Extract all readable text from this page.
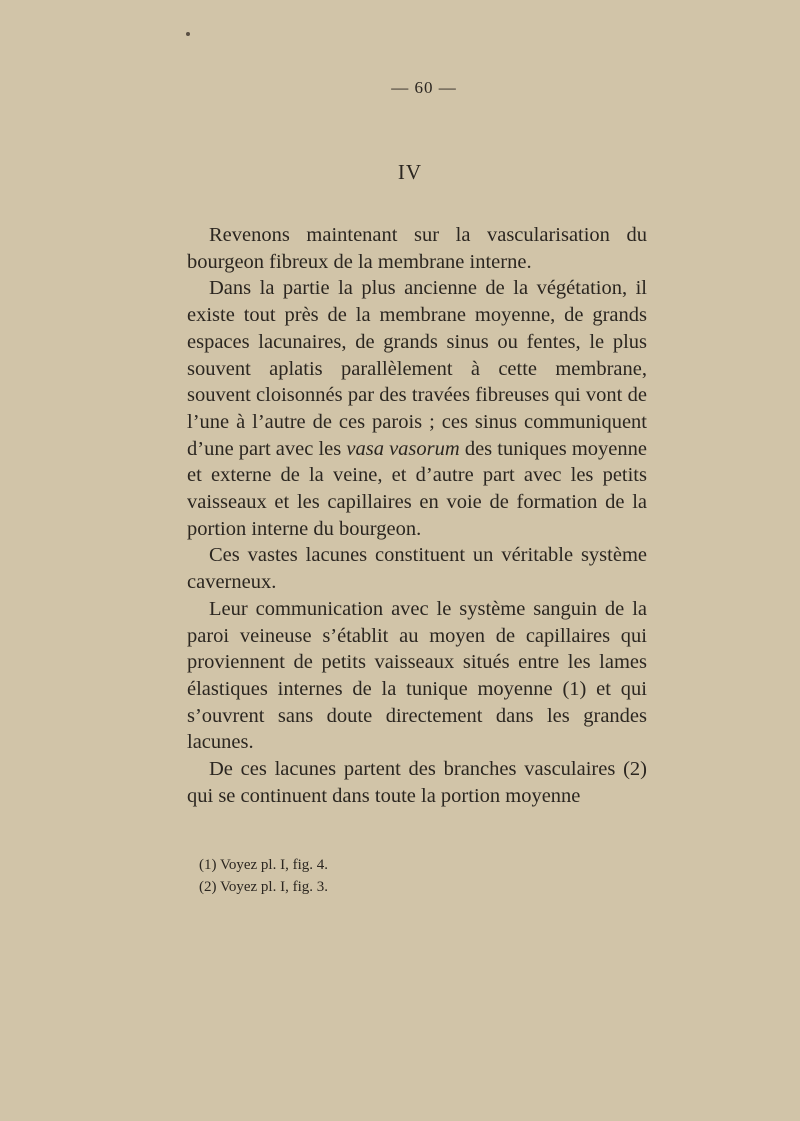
— 60 —
IV

Revenons maintenant sur la vascularisation du bourgeon fibreux de la membrane interne.

Dans la partie la plus ancienne de la végétation, il existe tout près de la membrane moyenne, de grands espaces lacunaires, de grands sinus ou fentes, le plus souvent aplatis parallèlement à cette membrane, souvent cloisonnés par des travées fibreuses qui vont de l’une à l’autre de ces parois ; ces sinus communiquent d’une part avec les vasa vasorum des tuniques moyenne et externe de la veine, et d’autre part avec les petits vaisseaux et les capillaires en voie de formation de la portion interne du bourgeon.

Ces vastes lacunes constituent un véritable système caverneux.

Leur communication avec le système sanguin de la paroi veineuse s’établit au moyen de capillaires qui proviennent de petits vaisseaux situés entre les lames élastiques internes de la tunique moyenne (1) et qui s’ouvrent sans doute directement dans les grandes lacunes.

De ces lacunes partent des branches vasculaires (2) qui se continuent dans toute la portion moyenne

(1) Voyez pl. I, fig. 4.
(2) Voyez pl. I, fig. 3.
